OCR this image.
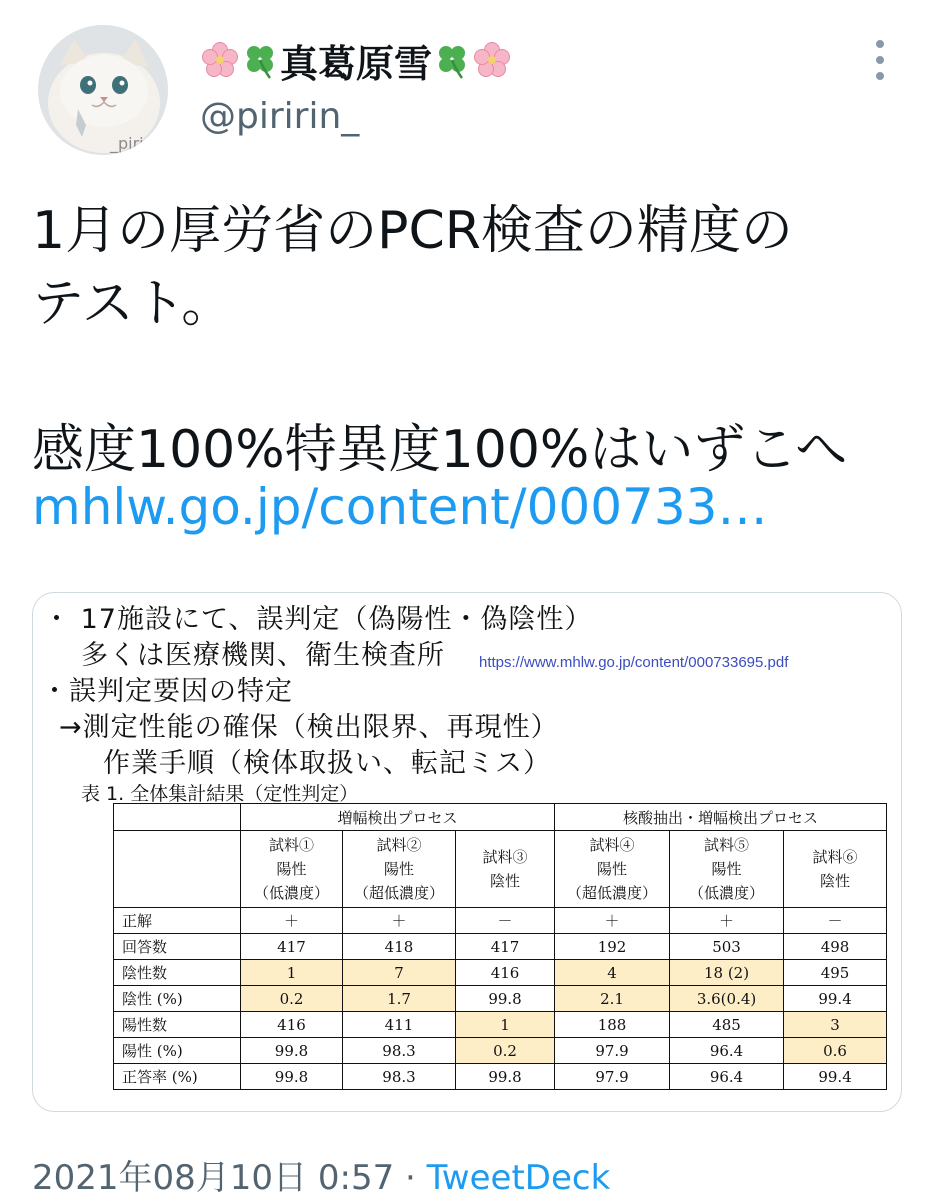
_pirin
真葛原雪
@piririn_
1月の厚労省のPCR検査の精度の
テスト。

感度100%特異度100%はいずこへ
mhlw.go.jp/content/000733…
・ 17施設にて、誤判定（偽陽性・偽陰性）
多くは医療機関、衛生検査所
・誤判定要因の特定
→測定性能の確保（検出限界、再現性）
作業手順（検体取扱い、転記ミス）
https://www.mhlw.go.jp/content/000733695.pdf
表 1. 全体集計結果（定性判定）
	増幅検出プロセス			核酸抽出・増幅検出プロセス		
	試料①
陽性
（低濃度）	試料②
陽性
（超低濃度）	試料③
陰性	試料④
陽性
（超低濃度）	試料⑤
陽性
（低濃度）	試料⑥
陰性
正解	＋	＋	－	＋	＋	－
回答数	417	418	417	192	503	498
陰性数	1	7	416	4	18 (2)	495
陰性 (%)	0.2	1.7	99.8	2.1	3.6(0.4)	99.4
陽性数	416	411	1	188	485	3
陽性 (%)	99.8	98.3	0.2	97.9	96.4	0.6
正答率 (%)	99.8	98.3	99.8	97.9	96.4	99.4
2021年08月10日 0:57 · TweetDeck
